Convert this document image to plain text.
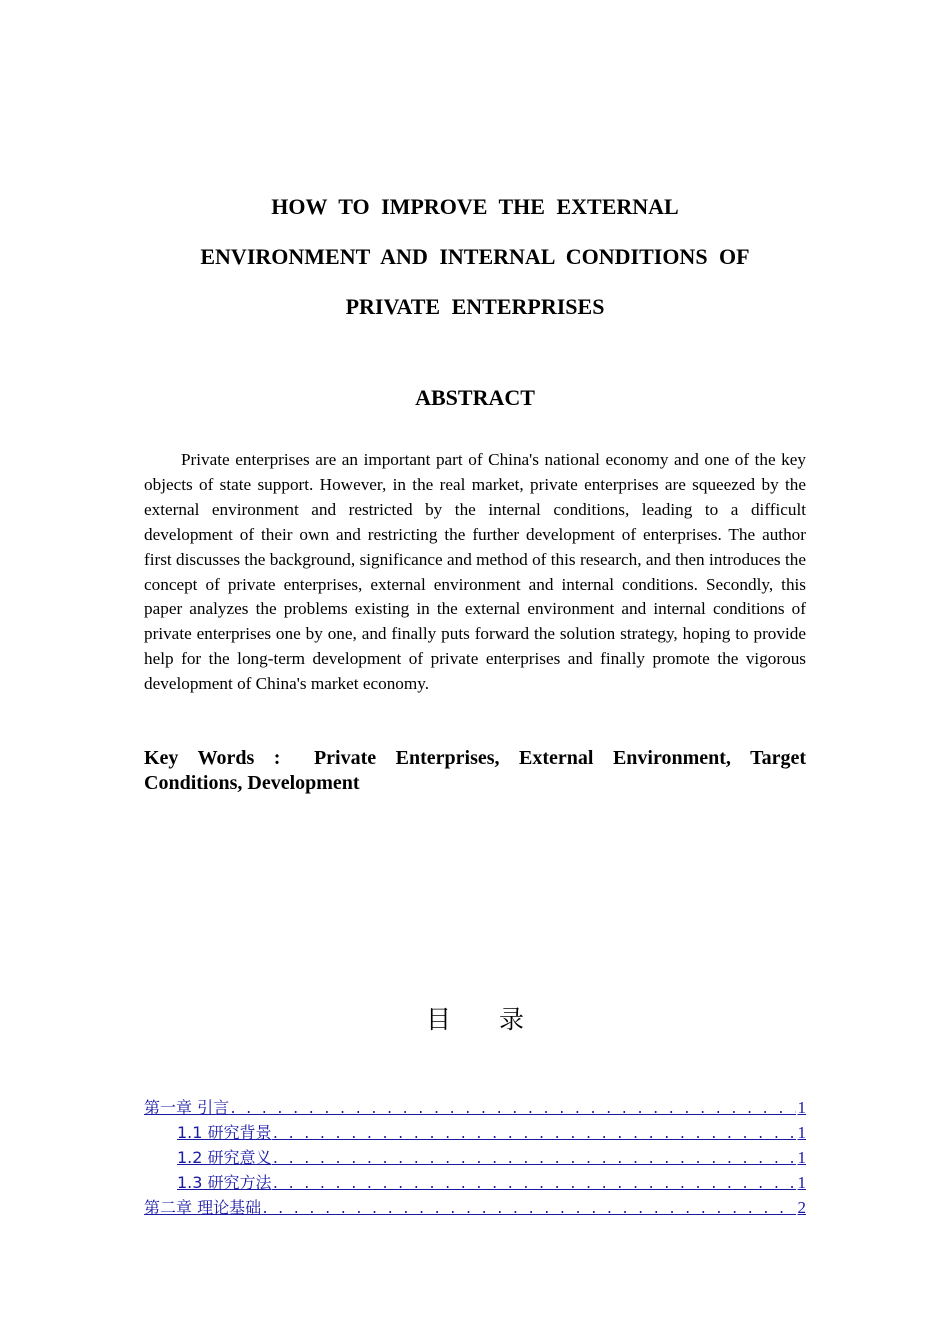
HOW TO IMPROVE THE EXTERNAL
ENVIRONMENT AND INTERNAL CONDITIONS OF
PRIVATE ENTERPRISES
ABSTRACT
Private enterprises are an important part of China's national economy and one of the key objects of state support. However, in the real market, private enterprises are squeezed by the external environment and restricted by the internal conditions, leading to a difficult development of their own and restricting the further development of enterprises. The author first discusses the background, significance and method of this research, and then introduces the concept of private enterprises, external environment and internal conditions. Secondly, this paper analyzes the problems existing in the external environment and internal conditions of private enterprises one by one, and finally puts forward the solution strategy, hoping to provide help for the long-term development of private enterprises and finally promote the vigorous development of China's market economy.
Key Words : Private Enterprises, External Environment, Target Conditions, Development
目 录
第一章 引言 . . .	1
1.1 研究背景 . . .	1
1.2 研究意义 . . .	1
1.3 研究方法 . . .	1
第二章 理论基础 . . .	2
